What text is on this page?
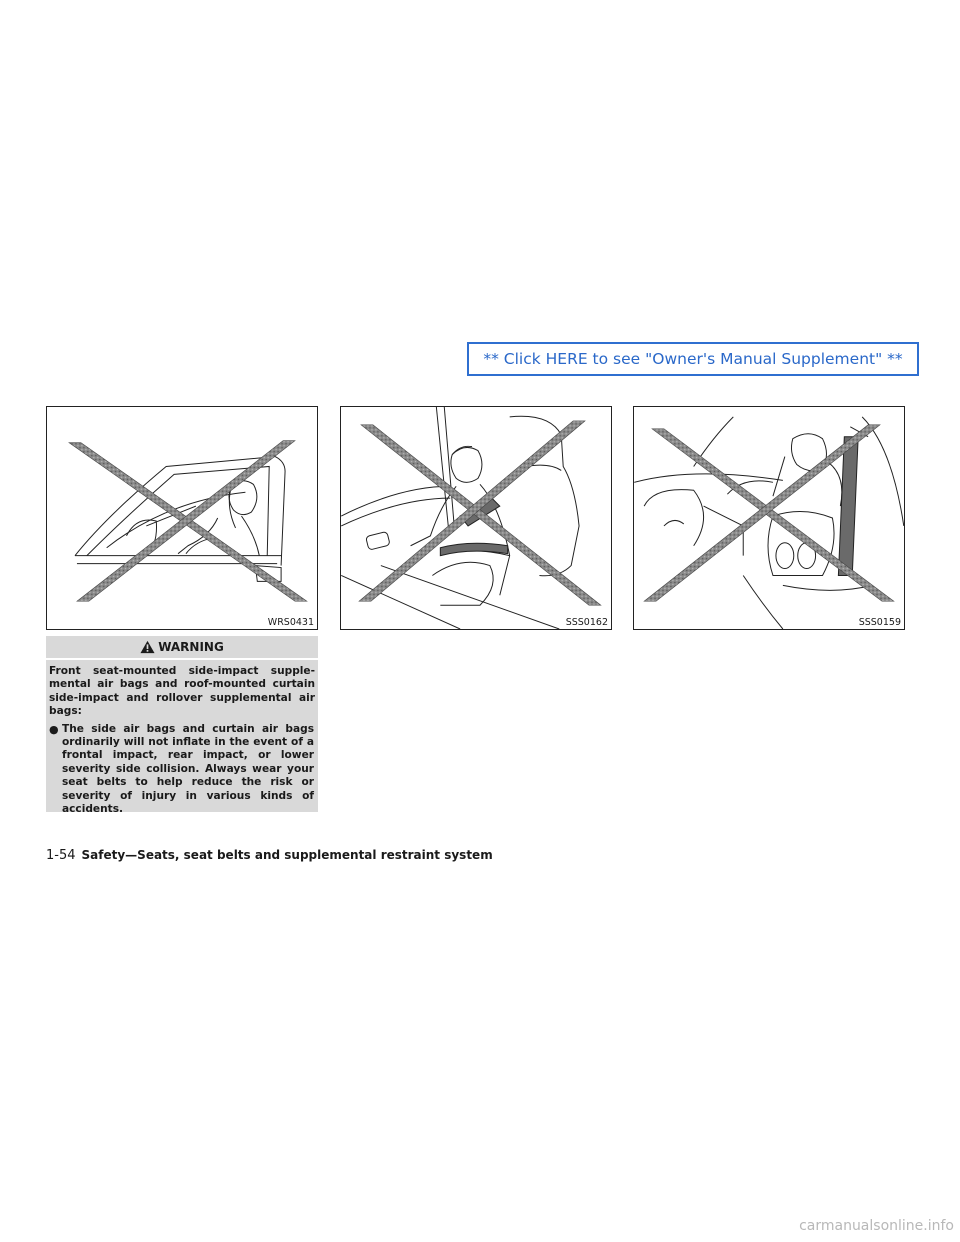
** Click HERE to see "Owner's Manual Supplement" **
WRS0431	SSS0162	SSS0159
WARNING

Front seat-mounted side-impact supple- mental air bags and roof-mounted curtain side-impact and rollover supplemental air bags:

● The side air bags and curtain air bags ordinarily will not inflate in the event of a frontal impact, rear impact, or lower severity side collision. Always wear your seat belts to help reduce the risk or severity of injury in various kinds of accidents.
1-54 Safety—Seats, seat belts and supplemental restraint system
carmanualsonline.info
